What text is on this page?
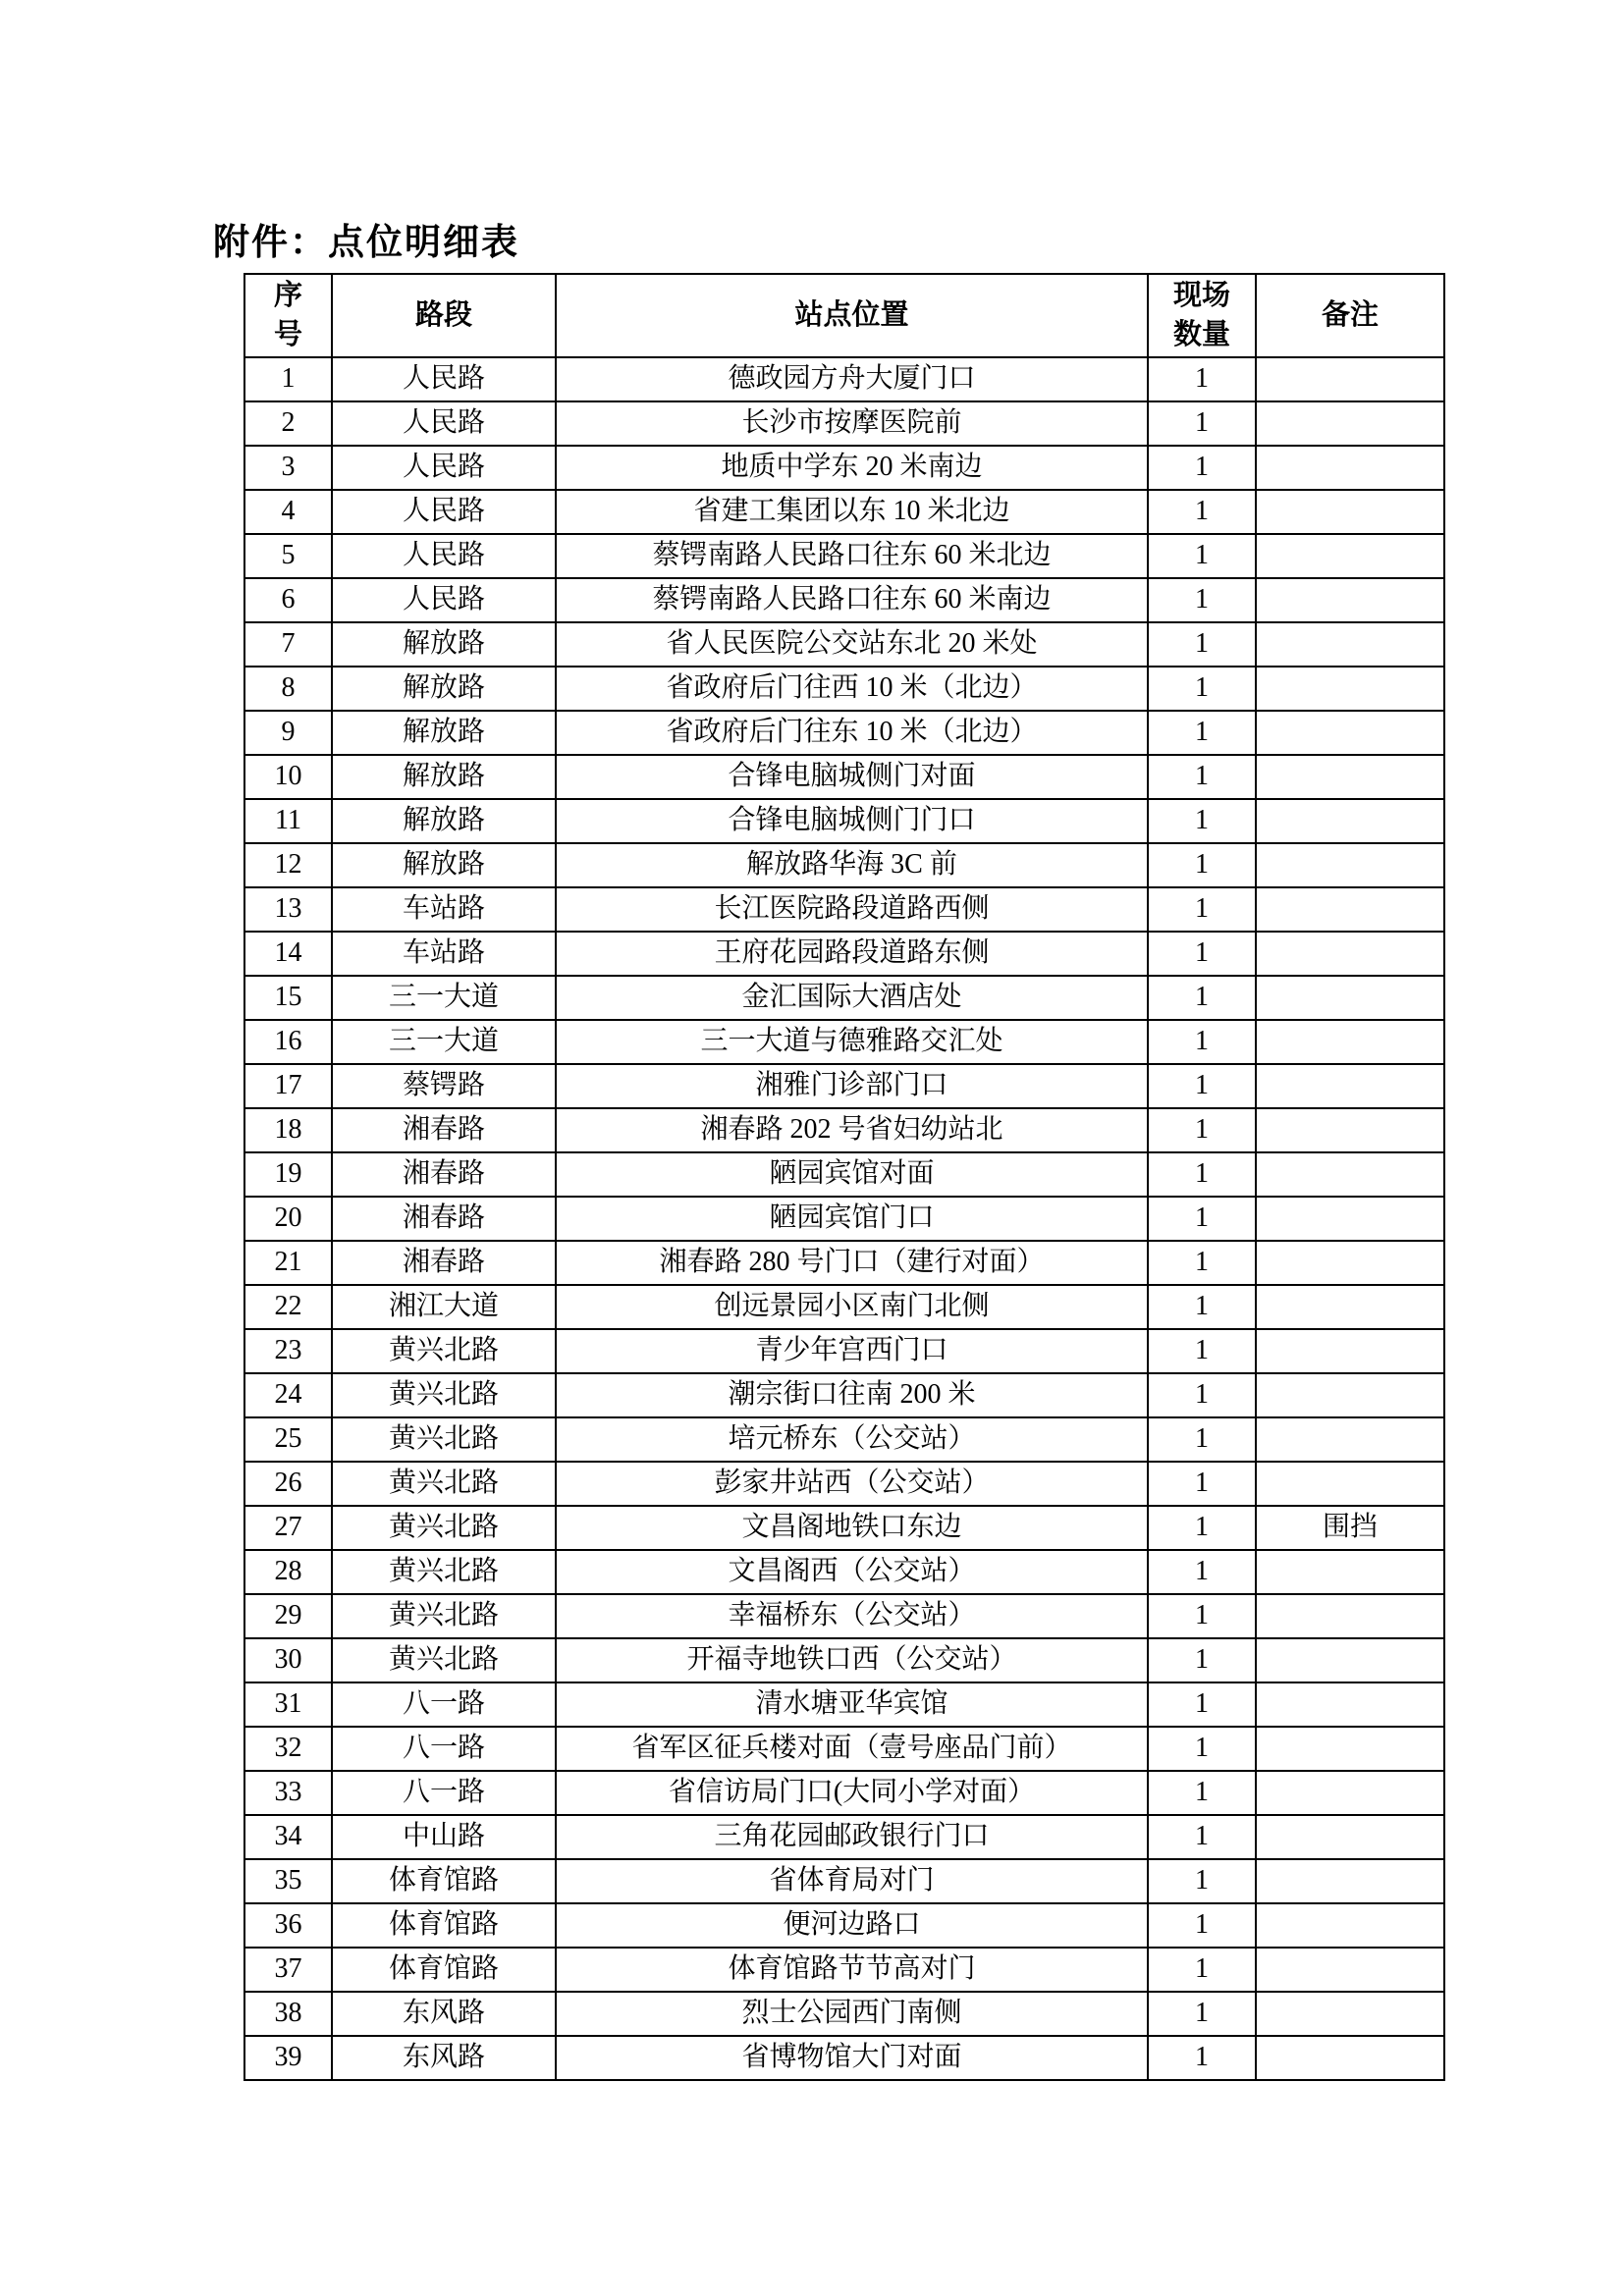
附件：点位明细表
序号	路段	站点位置	现场数量	备注
1	人民路	德政园方舟大厦门口	1	
2	人民路	长沙市按摩医院前	1	
3	人民路	地质中学东 20 米南边	1	
4	人民路	省建工集团以东 10 米北边	1	
5	人民路	蔡锷南路人民路口往东 60 米北边	1	
6	人民路	蔡锷南路人民路口往东 60 米南边	1	
7	解放路	省人民医院公交站东北 20 米处	1	
8	解放路	省政府后门往西 10 米（北边）	1	
9	解放路	省政府后门往东 10 米（北边）	1	
10	解放路	合锋电脑城侧门对面	1	
11	解放路	合锋电脑城侧门门口	1	
12	解放路	解放路华海 3C 前	1	
13	车站路	长江医院路段道路西侧	1	
14	车站路	王府花园路段道路东侧	1	
15	三一大道	金汇国际大酒店处	1	
16	三一大道	三一大道与德雅路交汇处	1	
17	蔡锷路	湘雅门诊部门口	1	
18	湘春路	湘春路 202 号省妇幼站北	1	
19	湘春路	陋园宾馆对面	1	
20	湘春路	陋园宾馆门口	1	
21	湘春路	湘春路 280 号门口（建行对面）	1	
22	湘江大道	创远景园小区南门北侧	1	
23	黄兴北路	青少年宫西门口	1	
24	黄兴北路	潮宗街口往南 200 米	1	
25	黄兴北路	培元桥东（公交站）	1	
26	黄兴北路	彭家井站西（公交站）	1	
27	黄兴北路	文昌阁地铁口东边	1	围挡
28	黄兴北路	文昌阁西（公交站）	1	
29	黄兴北路	幸福桥东（公交站）	1	
30	黄兴北路	开福寺地铁口西（公交站）	1	
31	八一路	清水塘亚华宾馆	1	
32	八一路	省军区征兵楼对面（壹号座品门前）	1	
33	八一路	省信访局门口(大同小学对面）	1	
34	中山路	三角花园邮政银行门口	1	
35	体育馆路	省体育局对门	1	
36	体育馆路	便河边路口	1	
37	体育馆路	体育馆路节节高对门	1	
38	东风路	烈士公园西门南侧	1	
39	东风路	省博物馆大门对面	1	
